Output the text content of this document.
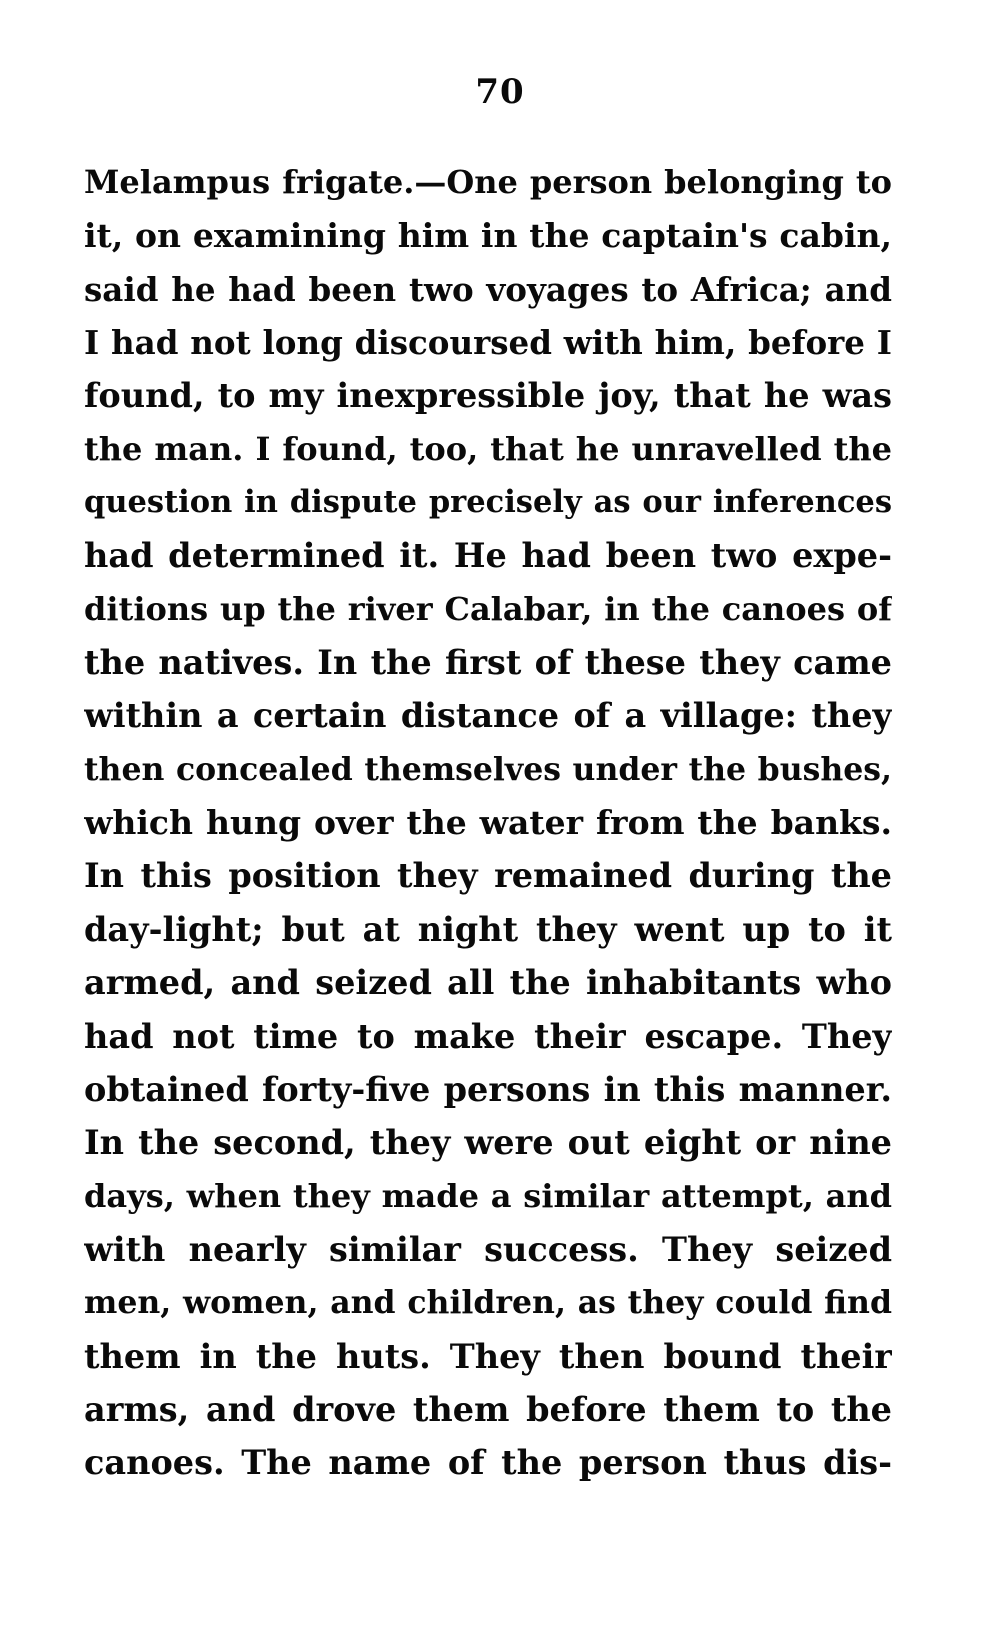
70
Melampus frigate.—One person belonging to
it, on examining him in the captain's cabin,
said he had been two voyages to Africa; and
I had not long discoursed with him, before I
found, to my inexpressible joy, that he was
the man. I found, too, that he unravelled the
question in dispute precisely as our inferences
had determined it. He had been two expe-
ditions up the river Calabar, in the canoes of
the natives. In the first of these they came
within a certain distance of a village: they
then concealed themselves under the bushes,
which hung over the water from the banks.
In this position they remained during the
day-light; but at night they went up to it
armed, and seized all the inhabitants who
had not time to make their escape. They
obtained forty-five persons in this manner.
In the second, they were out eight or nine
days, when they made a similar attempt, and
with nearly similar success. They seized
men, women, and children, as they could find
them in the huts. They then bound their
arms, and drove them before them to the
canoes. The name of the person thus dis-
